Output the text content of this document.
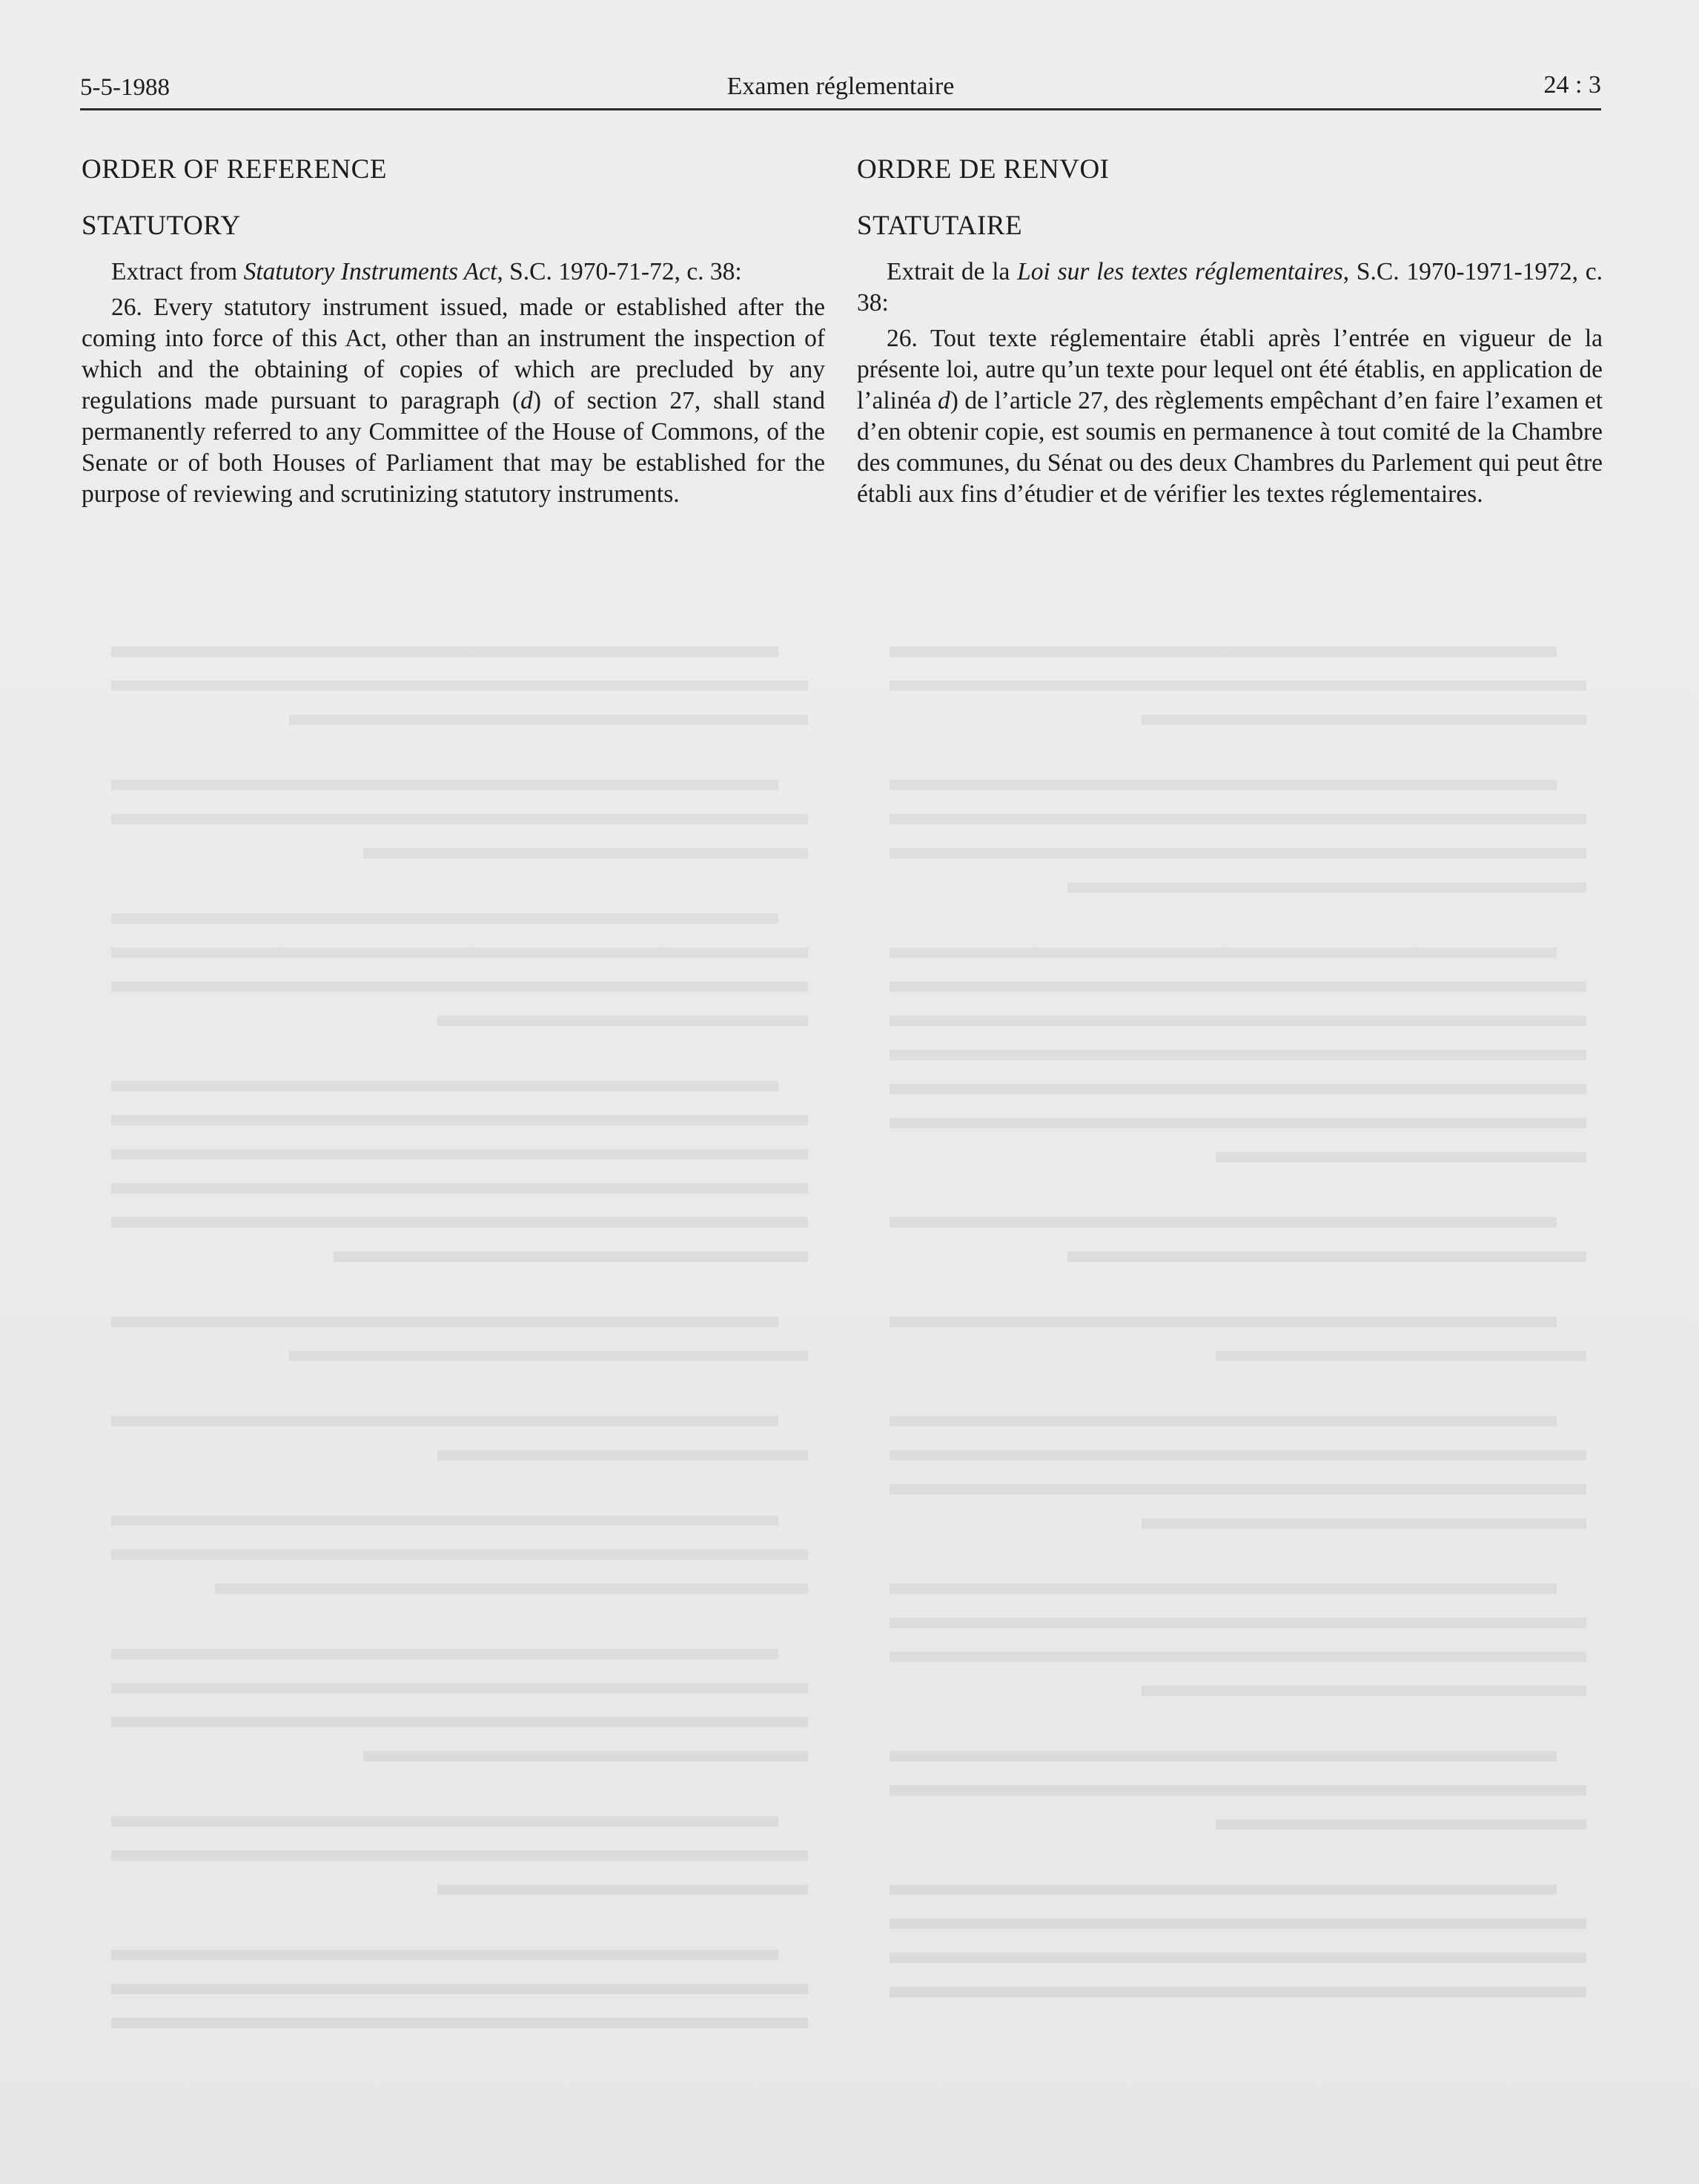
5-5-1988	Examen réglementaire	24 : 3
ORDER OF REFERENCE
STATUTORY

Extract from Statutory Instruments Act, S.C. 1970-71-72, c. 38:

26. Every statutory instrument issued, made or established after the coming into force of this Act, other than an instrument the inspection of which and the obtaining of copies of which are precluded by any regulations made pursuant to paragraph (d) of section 27, shall stand permanently referred to any Committee of the House of Commons, of the Senate or of both Houses of Parliament that may be established for the purpose of reviewing and scrutinizing statutory instruments.

ORDRE DE RENVOI
STATUTAIRE

Extrait de la Loi sur les textes réglementaires, S.C. 1970-1971-1972, c. 38:

26. Tout texte réglementaire établi après l’entrée en vigueur de la présente loi, autre qu’un texte pour lequel ont été établis, en application de l’alinéa d) de l’article 27, des règlements empêchant d’en faire l’examen et d’en obtenir copie, est soumis en permanence à tout comité de la Chambre des communes, du Sénat ou des deux Chambres du Parlement qui peut être établi aux fins d’étudier et de vérifier les textes réglementaires.
